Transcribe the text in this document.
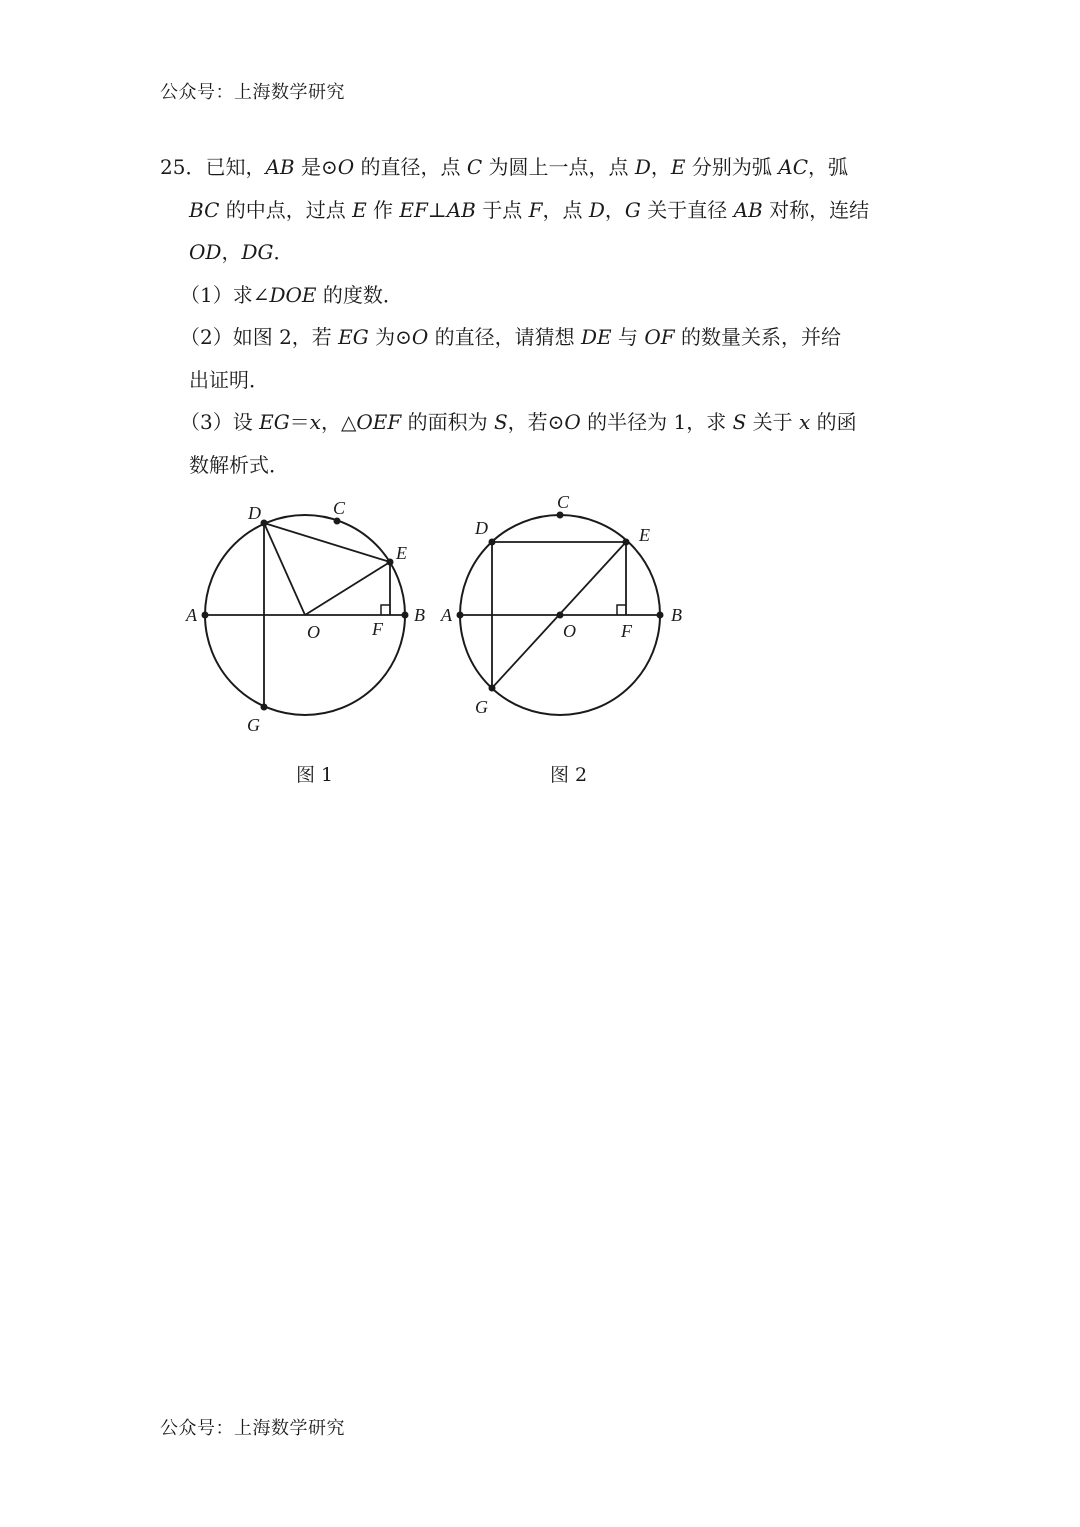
公众号：上海数学研究

25．已知，AB 是⊙O 的直径，点 C 为圆上一点，点 D，E 分别为弧 AC，弧

BC 的中点，过点 E 作 EF⊥AB 于点 F，点 D，G 关于直径 AB 对称，连结

OD，DG．

（1）求∠DOE 的度数．

（2）如图 2，若 EG 为⊙O 的直径，请猜想 DE 与 OF 的数量关系，并给

出证明．

（3）设 EG＝x，△OEF 的面积为 S，若⊙O 的半径为 1，求 S 关于 x 的函

数解析式．

A	B
C
D
E
F
G
O
图 1
A	B
C
D	E
F
G
O
图 2
公众号：上海数学研究
